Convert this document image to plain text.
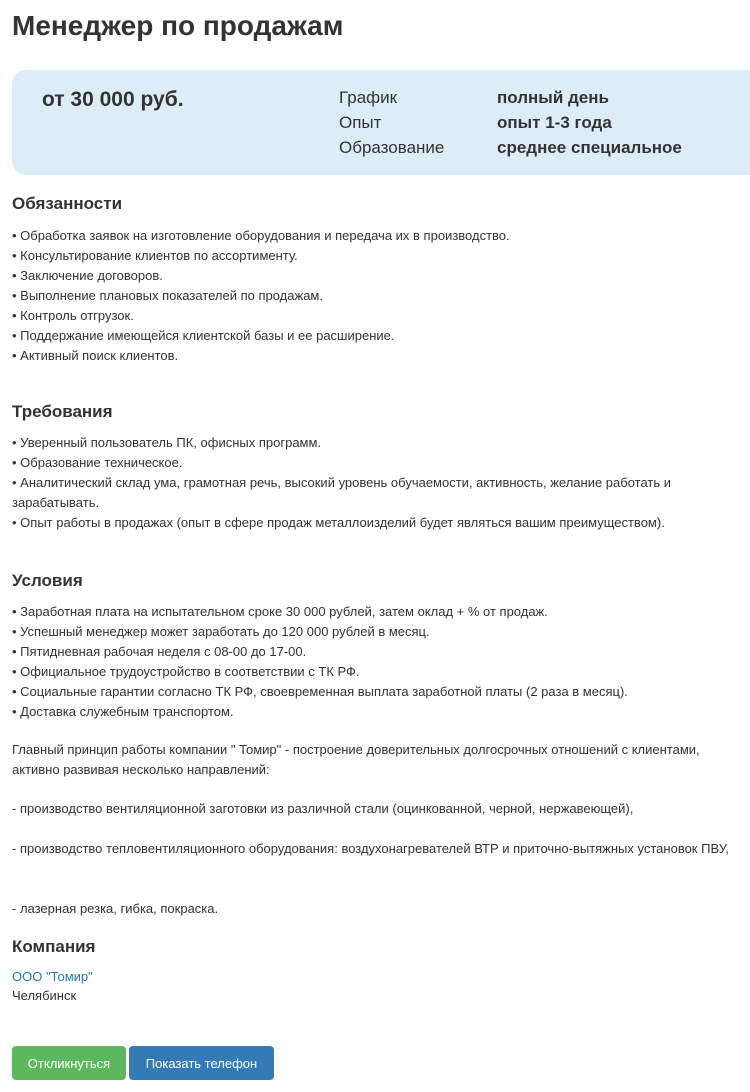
Менеджер по продажам
от 30 000 руб.	График	полный день
Опыт	опыт 1-3 года
Образование	среднее специальное
Обязанности
• Обработка заявок на изготовление оборудования и передача их в производство.
• Консультирование клиентов по ассортименту.
• Заключение договоров.
• Выполнение плановых показателей по продажам.
• Контроль отгрузок.
• Поддержание имеющейся клиентской базы и ее расширение.
• Активный поиск клиентов.
Требования
• Уверенный пользователь ПК, офисных программ.
• Образование техническое.
• Аналитический склад ума, грамотная речь, высокий уровень обучаемости, активность, желание работать и зарабатывать.
• Опыт работы в продажах (опыт в сфере продаж металлоизделий будет являться вашим преимуществом).
Условия
• Заработная плата на испытательном сроке 30 000 рублей, затем оклад + % от продаж.
• Успешный менеджер может заработать до 120 000 рублей в месяц.
• Пятидневная рабочая неделя с 08-00 до 17-00.
• Официальное трудоустройство в соответствии с ТК РФ.
• Социальные гарантии согласно ТК РФ, своевременная выплата заработной платы (2 раза в месяц).
• Доставка служебным транспортом.
Главный принцип работы компании " Томир" - построение доверительных долгосрочных отношений с клиентами, активно развивая несколько направлений:
- производство вентиляционной заготовки из различной стали (оцинкованной, черной, нержавеющей),
- производство тепловентиляционного оборудования: воздухонагревателей ВТР и приточно-вытяжных установок ПВУ,
- лазерная резка, гибка, покраска.
Компания
ООО "Томир"
Челябинск
Откликнуться	Показать телефон
